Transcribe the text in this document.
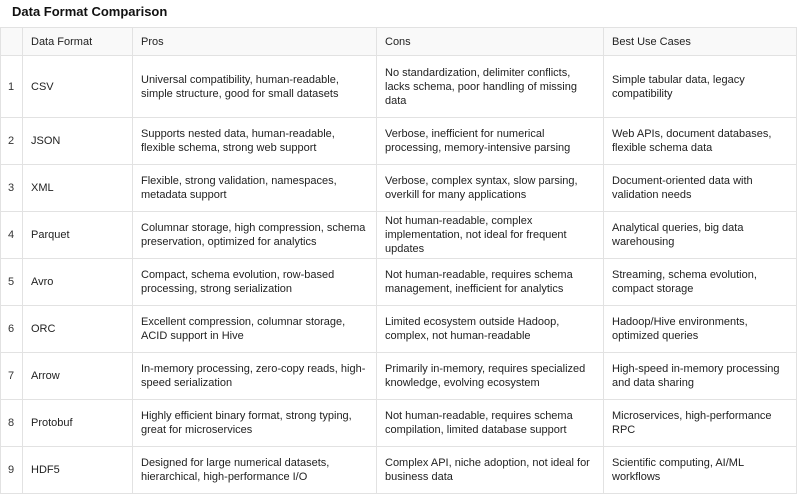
Data Format Comparison
	Data Format	Pros	Cons	Best Use Cases
1	CSV	Universal compatibility, human-readable, simple structure, good for small datasets	No standardization, delimiter conflicts, lacks schema, poor handling of missing data	Simple tabular data, legacy compatibility
2	JSON	Supports nested data, human-readable, flexible schema, strong web support	Verbose, inefficient for numerical processing, memory-intensive parsing	Web APIs, document databases, flexible schema data
3	XML	Flexible, strong validation, namespaces, metadata support	Verbose, complex syntax, slow parsing, overkill for many applications	Document-oriented data with validation needs
4	Parquet	Columnar storage, high compression, schema preservation, optimized for analytics	Not human-readable, complex implementation, not ideal for frequent updates	Analytical queries, big data warehousing
5	Avro	Compact, schema evolution, row-based processing, strong serialization	Not human-readable, requires schema management, inefficient for analytics	Streaming, schema evolution, compact storage
6	ORC	Excellent compression, columnar storage, ACID support in Hive	Limited ecosystem outside Hadoop, complex, not human-readable	Hadoop/Hive environments, optimized queries
7	Arrow	In-memory processing, zero-copy reads, high-speed serialization	Primarily in-memory, requires specialized knowledge, evolving ecosystem	High-speed in-memory processing and data sharing
8	Protobuf	Highly efficient binary format, strong typing, great for microservices	Not human-readable, requires schema compilation, limited database support	Microservices, high-performance RPC
9	HDF5	Designed for large numerical datasets, hierarchical, high-performance I/O	Complex API, niche adoption, not ideal for business data	Scientific computing, AI/ML workflows
